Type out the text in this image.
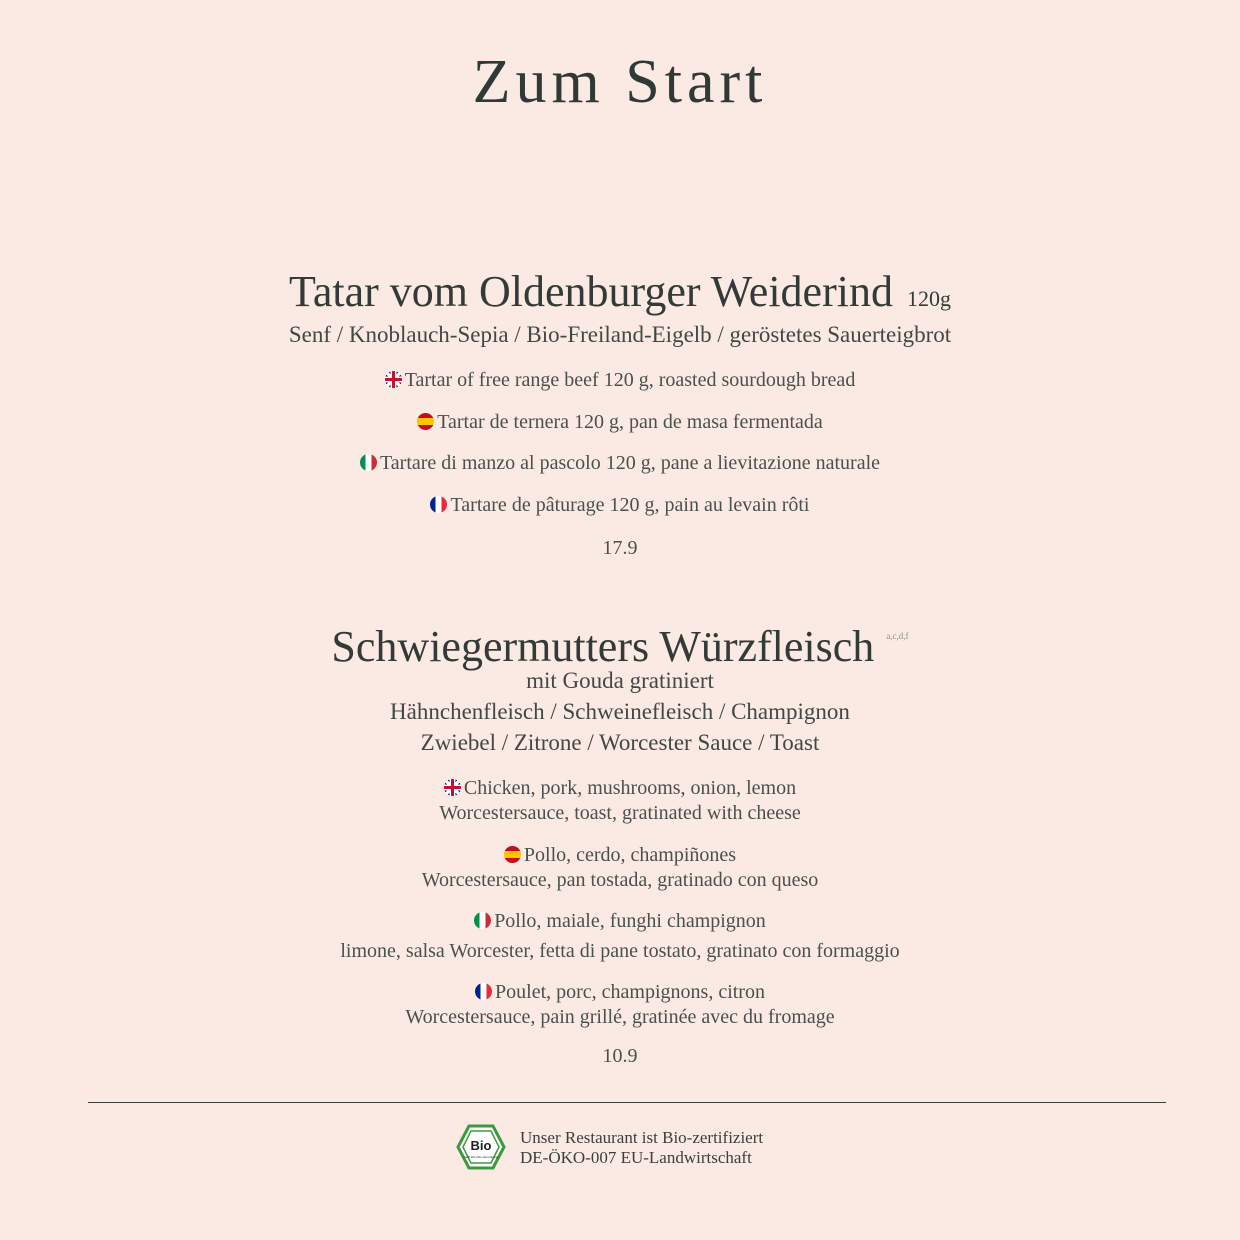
Zum Start
Tatar vom Oldenburger Weiderind 120g
Senf / Knoblauch-Sepia / Bio-Freiland-Eigelb / geröstetes Sauerteigbrot
Tartar of free range beef 120 g, roasted sourdough bread
Tartar de ternera 120 g, pan de masa fermentada
Tartare di manzo al pascolo 120 g, pane a lievitazione naturale
Tartare de pâturage 120 g, pain au levain rôti
17.9
Schwiegermutters Würzfleisch $^{a,c,d,f}$
mit Gouda gratiniert
Hähnchenfleisch / Schweinefleisch / Champignon
Zwiebel / Zitrone / Worcester Sauce / Toast
Chicken, pork, mushrooms, onion, lemon
Worcestersauce, toast, gratinated with cheese
Pollo, cerdo, champiñones
Worcestersauce, pan tostada, gratinado con queso
Pollo, maiale, funghi champignon
limone, salsa Worcester, fetta di pane tostato, gratinato con formaggio
Poulet, porc, champignons, citron
Worcestersauce, pain grillé, gratinée avec du fromage
10.9
Bio
nach EG-Öko-Verordnung
Unser Restaurant ist Bio-zertifiziert
DE-ÖKO-007 EU-Landwirtschaft
